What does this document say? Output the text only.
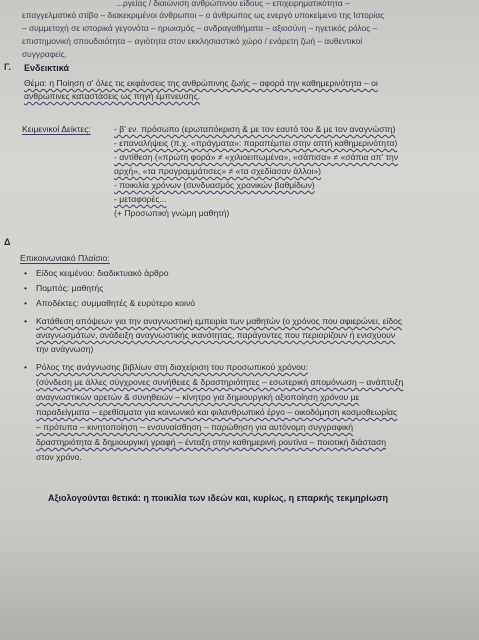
...ργείας / διαιώνιση ανθρώπινου είδους – επιχειρηματικότητα –
επαγγελματικό στίβο – διακεκριμένοι άνθρωποι – ο άνθρωπος ως ενεργό υποκείμενο της Ιστορίας
– συμμετοχή σε ιστορικά γεγονότα – ηρωισμός – ανδραγαθήματα – αξιοσύνη – ηγετικός ρόλος –
επιστημονική σπουδαιότητα – αγιότητα στον εκκλησιαστικό χώρο / ενάρετη ζωή – αυθεντικοί
συγγραφείς.
Γ. Ενδεικτικά
Θέμα: η Ποίηση σ' όλες τις εκφάνσεις της ανθρώπινης ζωής – αφορά την καθημερινότητα – οι
ανθρώπινες καταστάσεις ως πηγή έμπνευσης.
Κειμενικοί Δείκτες:	- β' εν. πρόσωπο (ερωταπόκριση & με τον εαυτό του & με τον αναγνώστη)
- επαναλήψεις (π.χ. «πράγματα»: παραπέμπει στην απτή καθημερινότητα)
- αντίθεση («πρώτη φορά» ≠ «χιλιοειπωμένα», «σάπισα» ≠ «σάπια απ' την
αρχή», «τα προγραμμάτισες» ≠ «τα σχεδίασαν άλλοι»)
- ποικιλία χρόνων (συνδυασμός χρονικών βαθμίδων)
- μεταφορές...
(+ Προσωπική γνώμη μαθητή)
Δ
Επικοινωνιακό Πλαίσιο:
• Είδος κειμένου: διαδικτυακό άρθρο
• Πομπός: μαθητής
• Αποδέκτες: συμμαθητές & ευρύτερο κοινό
• Κατάθεση απόψεων για την αναγνωστική εμπειρία των μαθητών (ο χρόνος που αφιερώνει, είδος
αναγνωσμάτων, ανάδειξη αναγνωστικής ικανότητας, παράγοντες που περιορίζουν ή ενισχύουν
την ανάγνωση)
• Ρόλος της ανάγνωσης βιβλίων στη διαχείριση του προσωπικού χρόνου:
(σύνδεση με άλλες σύγχρονες συνήθειες & δραστηριότητες – εσωτερική απομόνωση – ανάπτυξη
αναγνωστικών αρετών & συνηθειών – κίνητρο για δημιουργική αξιοποίηση χρόνου με
παραδείγματα – ερεθίσματα για κοινωνικό και φιλανθρωπικό έργο – οικοδόμηση κοσμοθεωρίας
– πρότυπα – κινητοποίηση – ενσυναίσθηση – παρώθηση για αυτόνομη συγγραφική
δραστηριότητα & δημιουργική γραφή – ένταξη στην καθημερινή ρουτίνα – ποιοτική διάσταση
στον χρόνο.
Αξιολογούνται θετικά: η ποικιλία των ιδεών και, κυρίως, η επαρκής τεκμηρίωση
